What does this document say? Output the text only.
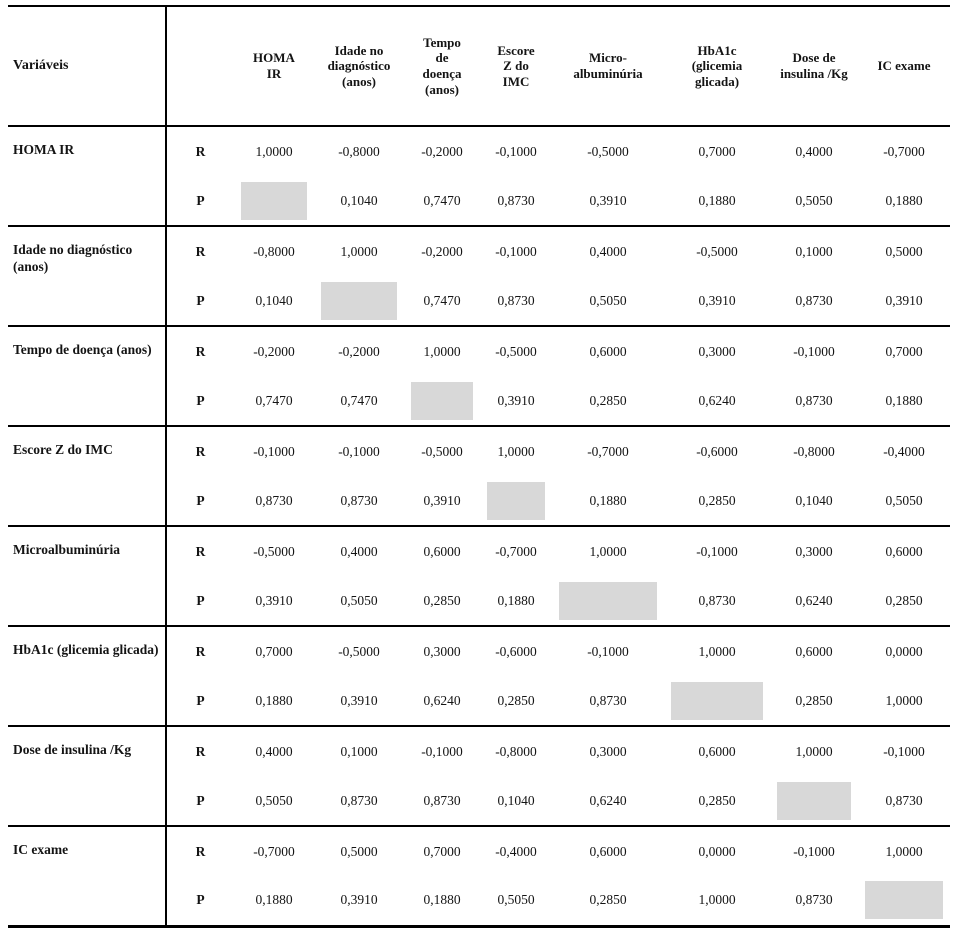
Variáveis		HOMA IR	Idade no diagnóstico (anos)	Tempo de doença (anos)	Escore Z do IMC	Micro-albuminúria	HbA1c (glicemia glicada)	Dose de insulina /Kg	IC exame
HOMA IR	R	1,0000	-0,8000	-0,2000	-0,1000	-0,5000	0,7000	0,4000	-0,7000
	P		0,1040	0,7470	0,8730	0,3910	0,1880	0,5050	0,1880
Idade no diagnóstico (anos)	R	-0,8000	1,0000	-0,2000	-0,1000	0,4000	-0,5000	0,1000	0,5000
	P	0,1040		0,7470	0,8730	0,5050	0,3910	0,8730	0,3910
Tempo de doença (anos)	R	-0,2000	-0,2000	1,0000	-0,5000	0,6000	0,3000	-0,1000	0,7000
	P	0,7470	0,7470		0,3910	0,2850	0,6240	0,8730	0,1880
Escore Z do IMC	R	-0,1000	-0,1000	-0,5000	1,0000	-0,7000	-0,6000	-0,8000	-0,4000
	P	0,8730	0,8730	0,3910		0,1880	0,2850	0,1040	0,5050
Microalbuminúria	R	-0,5000	0,4000	0,6000	-0,7000	1,0000	-0,1000	0,3000	0,6000
	P	0,3910	0,5050	0,2850	0,1880		0,8730	0,6240	0,2850
HbA1c (glicemia glicada)	R	0,7000	-0,5000	0,3000	-0,6000	-0,1000	1,0000	0,6000	0,0000
	P	0,1880	0,3910	0,6240	0,2850	0,8730		0,2850	1,0000
Dose de insulina /Kg	R	0,4000	0,1000	-0,1000	-0,8000	0,3000	0,6000	1,0000	-0,1000
	P	0,5050	0,8730	0,8730	0,1040	0,6240	0,2850		0,8730
IC exame	R	-0,7000	0,5000	0,7000	-0,4000	0,6000	0,0000	-0,1000	1,0000
	P	0,1880	0,3910	0,1880	0,5050	0,2850	1,0000	0,8730	
